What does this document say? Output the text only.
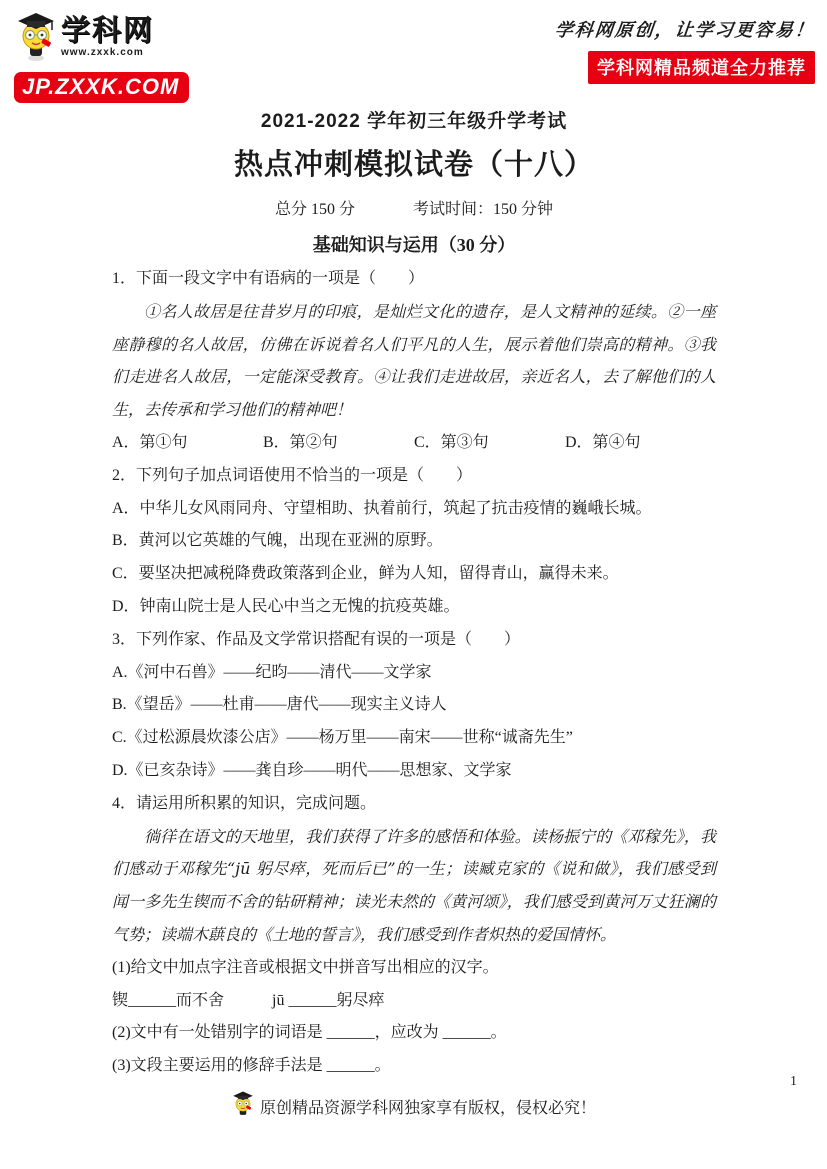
学科网
www.zxxk.com
JP.ZXXK.COM
学科网原创，让学习更容易！
学科网精品频道全力推荐
2021-2022 学年初三年级升学考试
热点冲刺模拟试卷（十八）
总分 150 分	考试时间：150 分钟
基础知识与运用（30 分）

1．下面一段文字中有语病的一项是（　　）

①名人故居是往昔岁月的印痕，是灿烂文化的遗存，是人文精神的延续。②一座座静穆的名人故居，仿佛在诉说着名人们平凡的人生，展示着他们崇高的精神。③我们走进名人故居，一定能深受教育。④让我们走进故居，亲近名人，去了解他们的人生，去传承和学习他们的精神吧！

A．第①句	B．第②句	C．第③句	D．第④句

2．下列句子加点词语使用不恰当的一项是（　　）

A．中华儿女风雨同舟、守望相助、执着前行，筑起了抗击疫情的巍峨长城。

B．黄河以它英雄的气魄，出现在亚洲的原野。

C．要坚决把减税降费政策落到企业，鲜为人知，留得青山，赢得未来。

D．钟南山院士是人民心中当之无愧的抗疫英雄。

3．下列作家、作品及文学常识搭配有误的一项是（　　）

A.《河中石兽》——纪昀——清代——文学家

B.《望岳》——杜甫——唐代——现实主义诗人

C.《过松源晨炊漆公店》——杨万里——南宋——世称“诚斋先生”

D.《已亥杂诗》——龚自珍——明代——思想家、文学家

4．请运用所积累的知识，完成问题。

徜徉在语文的天地里，我们获得了许多的感悟和体验。读杨振宁的《邓稼先》，我们感动于邓稼先“jū 躬尽瘁，死而后已”的一生；读臧克家的《说和做》，我们感受到闻一多先生锲而不舍的钻研精神；读光未然的《黄河颂》，我们感受到黄河万丈狂澜的气势；读端木蕻良的《土地的誓言》，我们感受到作者炽热的爱国情怀。

(1)给文中加点字注音或根据文中拼音写出相应的汉字。

锲______而不舍　　　jū ______躬尽瘁

(2)文中有一处错别字的词语是 ______，应改为 ______。

(3)文段主要运用的修辞手法是 ______。

1
原创精品资源学科网独家享有版权，侵权必究！
